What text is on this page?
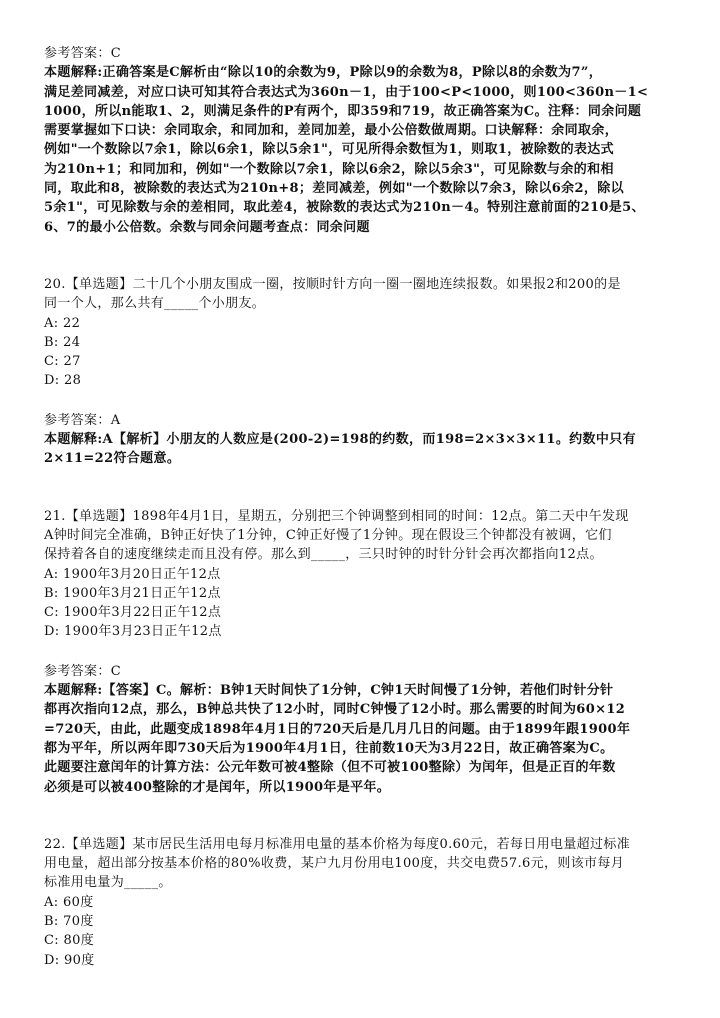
参考答案：C
本题解释:正确答案是C解析由“除以10的余数为9，P除以9的余数为8，P除以8的余数为7”，
满足差同减差，对应口诀可知其符合表达式为360n－1，由于100<P<1000，则100<360n－1<
1000，所以n能取1、2，则满足条件的P有两个，即359和719，故正确答案为C。注释：同余问题
需要掌握如下口诀：余同取余，和同加和，差同加差，最小公倍数做周期。口诀解释：余同取余，
例如"一个数除以7余1，除以6余1，除以5余1"，可见所得余数恒为1，则取1，被除数的表达式
为210n+1；和同加和，例如"一个数除以7余1，除以6余2，除以5余3"，可见除数与余的和相
同，取此和8，被除数的表达式为210n+8；差同减差，例如"一个数除以7余3，除以6余2，除以
5余1"，可见除数与余的差相同，取此差4，被除数的表达式为210n－4。特别注意前面的210是5、
6、7的最小公倍数。余数与同余问题考查点：同余问题
20.【单选题】二十几个小朋友围成一圈，按顺时针方向一圈一圈地连续报数。如果报2和200的是
同一个人，那么共有_____个小朋友。
A: 22
B: 24
C: 27
D: 28
参考答案：A
本题解释:A【解析】小朋友的人数应是(200-2)=198的约数，而198=2×3×3×11。约数中只有
2×11=22符合题意。
21.【单选题】1898年4月1日，星期五，分别把三个钟调整到相同的时间：12点。第二天中午发现
A钟时间完全准确，B钟正好快了1分钟，C钟正好慢了1分钟。现在假设三个钟都没有被调，它们
保持着各自的速度继续走而且没有停。那么到_____，三只时钟的时针分针会再次都指向12点。
A: 1900年3月20日正午12点
B: 1900年3月21日正午12点
C: 1900年3月22日正午12点
D: 1900年3月23日正午12点
参考答案：C
本题解释:【答案】C。解析：B钟1天时间快了1分钟，C钟1天时间慢了1分钟，若他们时针分针
都再次指向12点，那么，B钟总共快了12小时，同时C钟慢了12小时。那么需要的时间为60×12
=720天，由此，此题变成1898年4月1日的720天后是几月几日的问题。由于1899年跟1900年
都为平年，所以两年即730天后为1900年4月1日，往前数10天为3月22日，故正确答案为C。
此题要注意闰年的计算方法：公元年数可被4整除（但不可被100整除）为闰年，但是正百的年数
必须是可以被400整除的才是闰年，所以1900年是平年。
22.【单选题】某市居民生活用电每月标准用电量的基本价格为每度0.60元，若每日用电量超过标准
用电量，超出部分按基本价格的80%收费，某户九月份用电100度，共交电费57.6元，则该市每月
标准用电量为_____。
A: 60度
B: 70度
C: 80度
D: 90度
